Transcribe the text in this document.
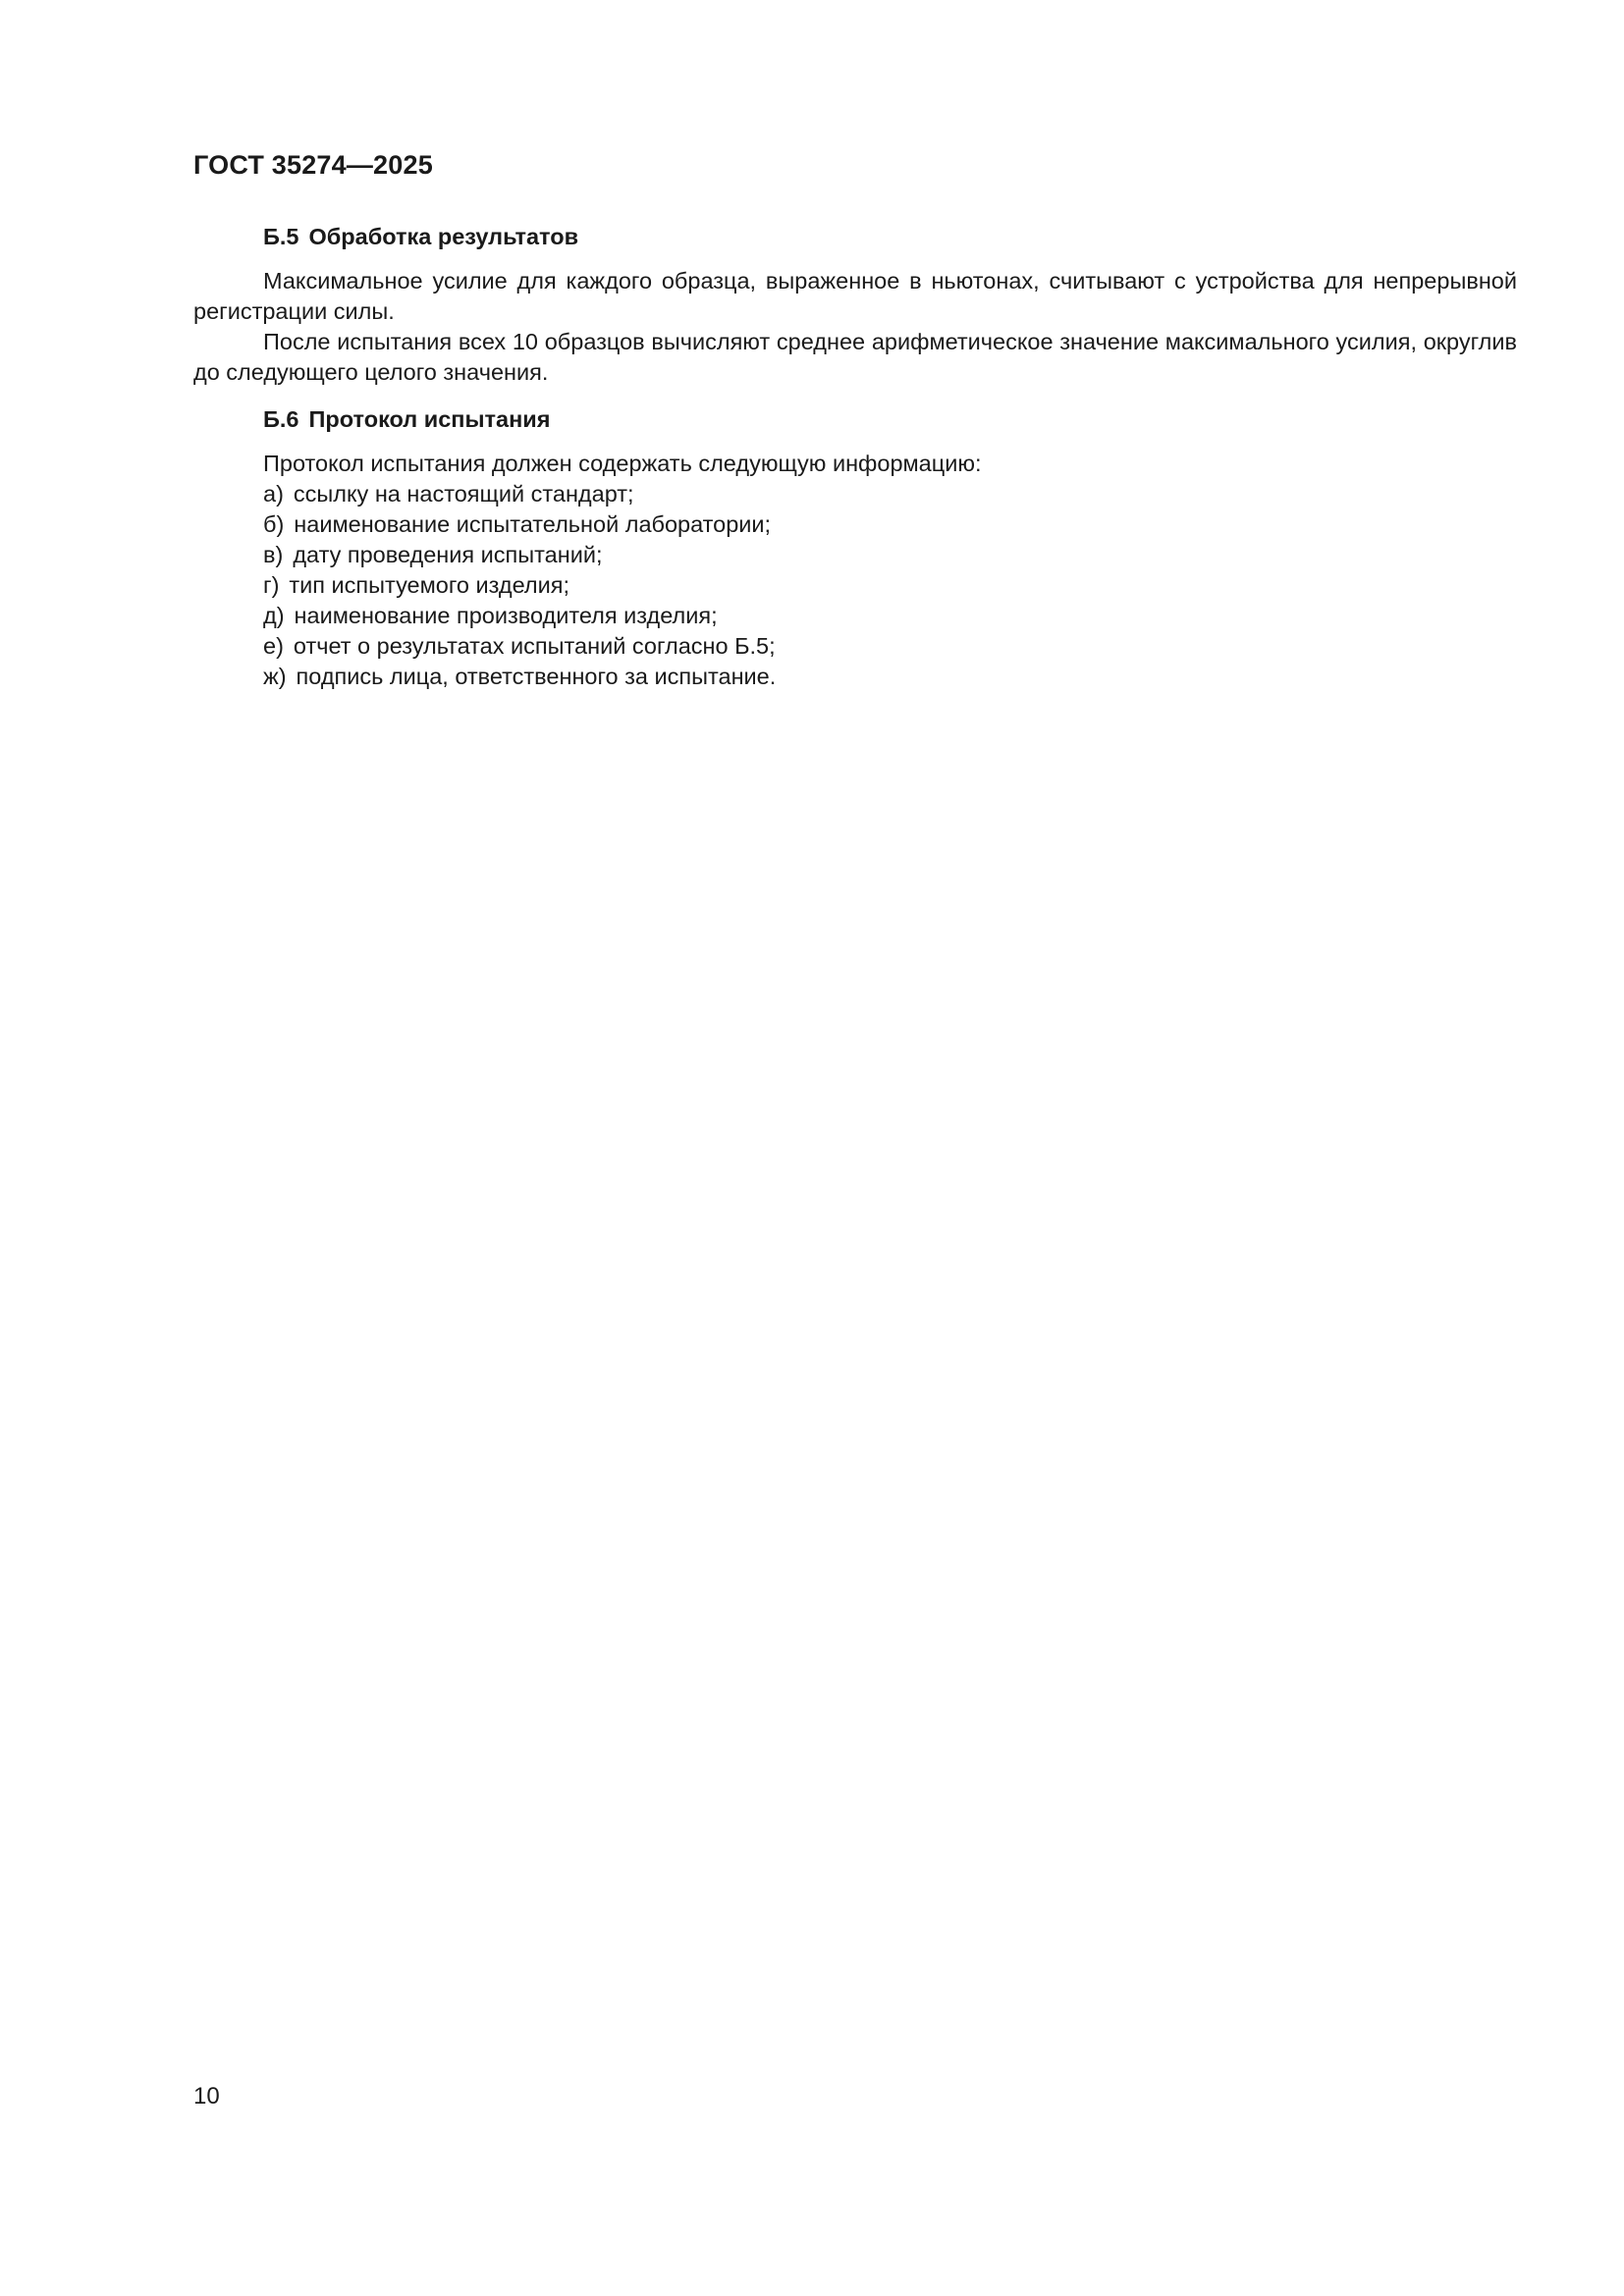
ГОСТ 35274—2025
Б.5 Обработка результатов

Максимальное усилие для каждого образца, выраженное в ньютонах, считывают с устройства для непрерывной регистрации силы.

После испытания всех 10 образцов вычисляют среднее арифметическое значение максимального усилия, округлив до следующего целого значения.

Б.6 Протокол испытания
Протокол испытания должен содержать следующую информацию:
а) ссылку на настоящий стандарт;
б) наименование испытательной лаборатории;
в) дату проведения испытаний;
г) тип испытуемого изделия;
д) наименование производителя изделия;
е) отчет о результатах испытаний согласно Б.5;
ж) подпись лица, ответственного за испытание.
10
